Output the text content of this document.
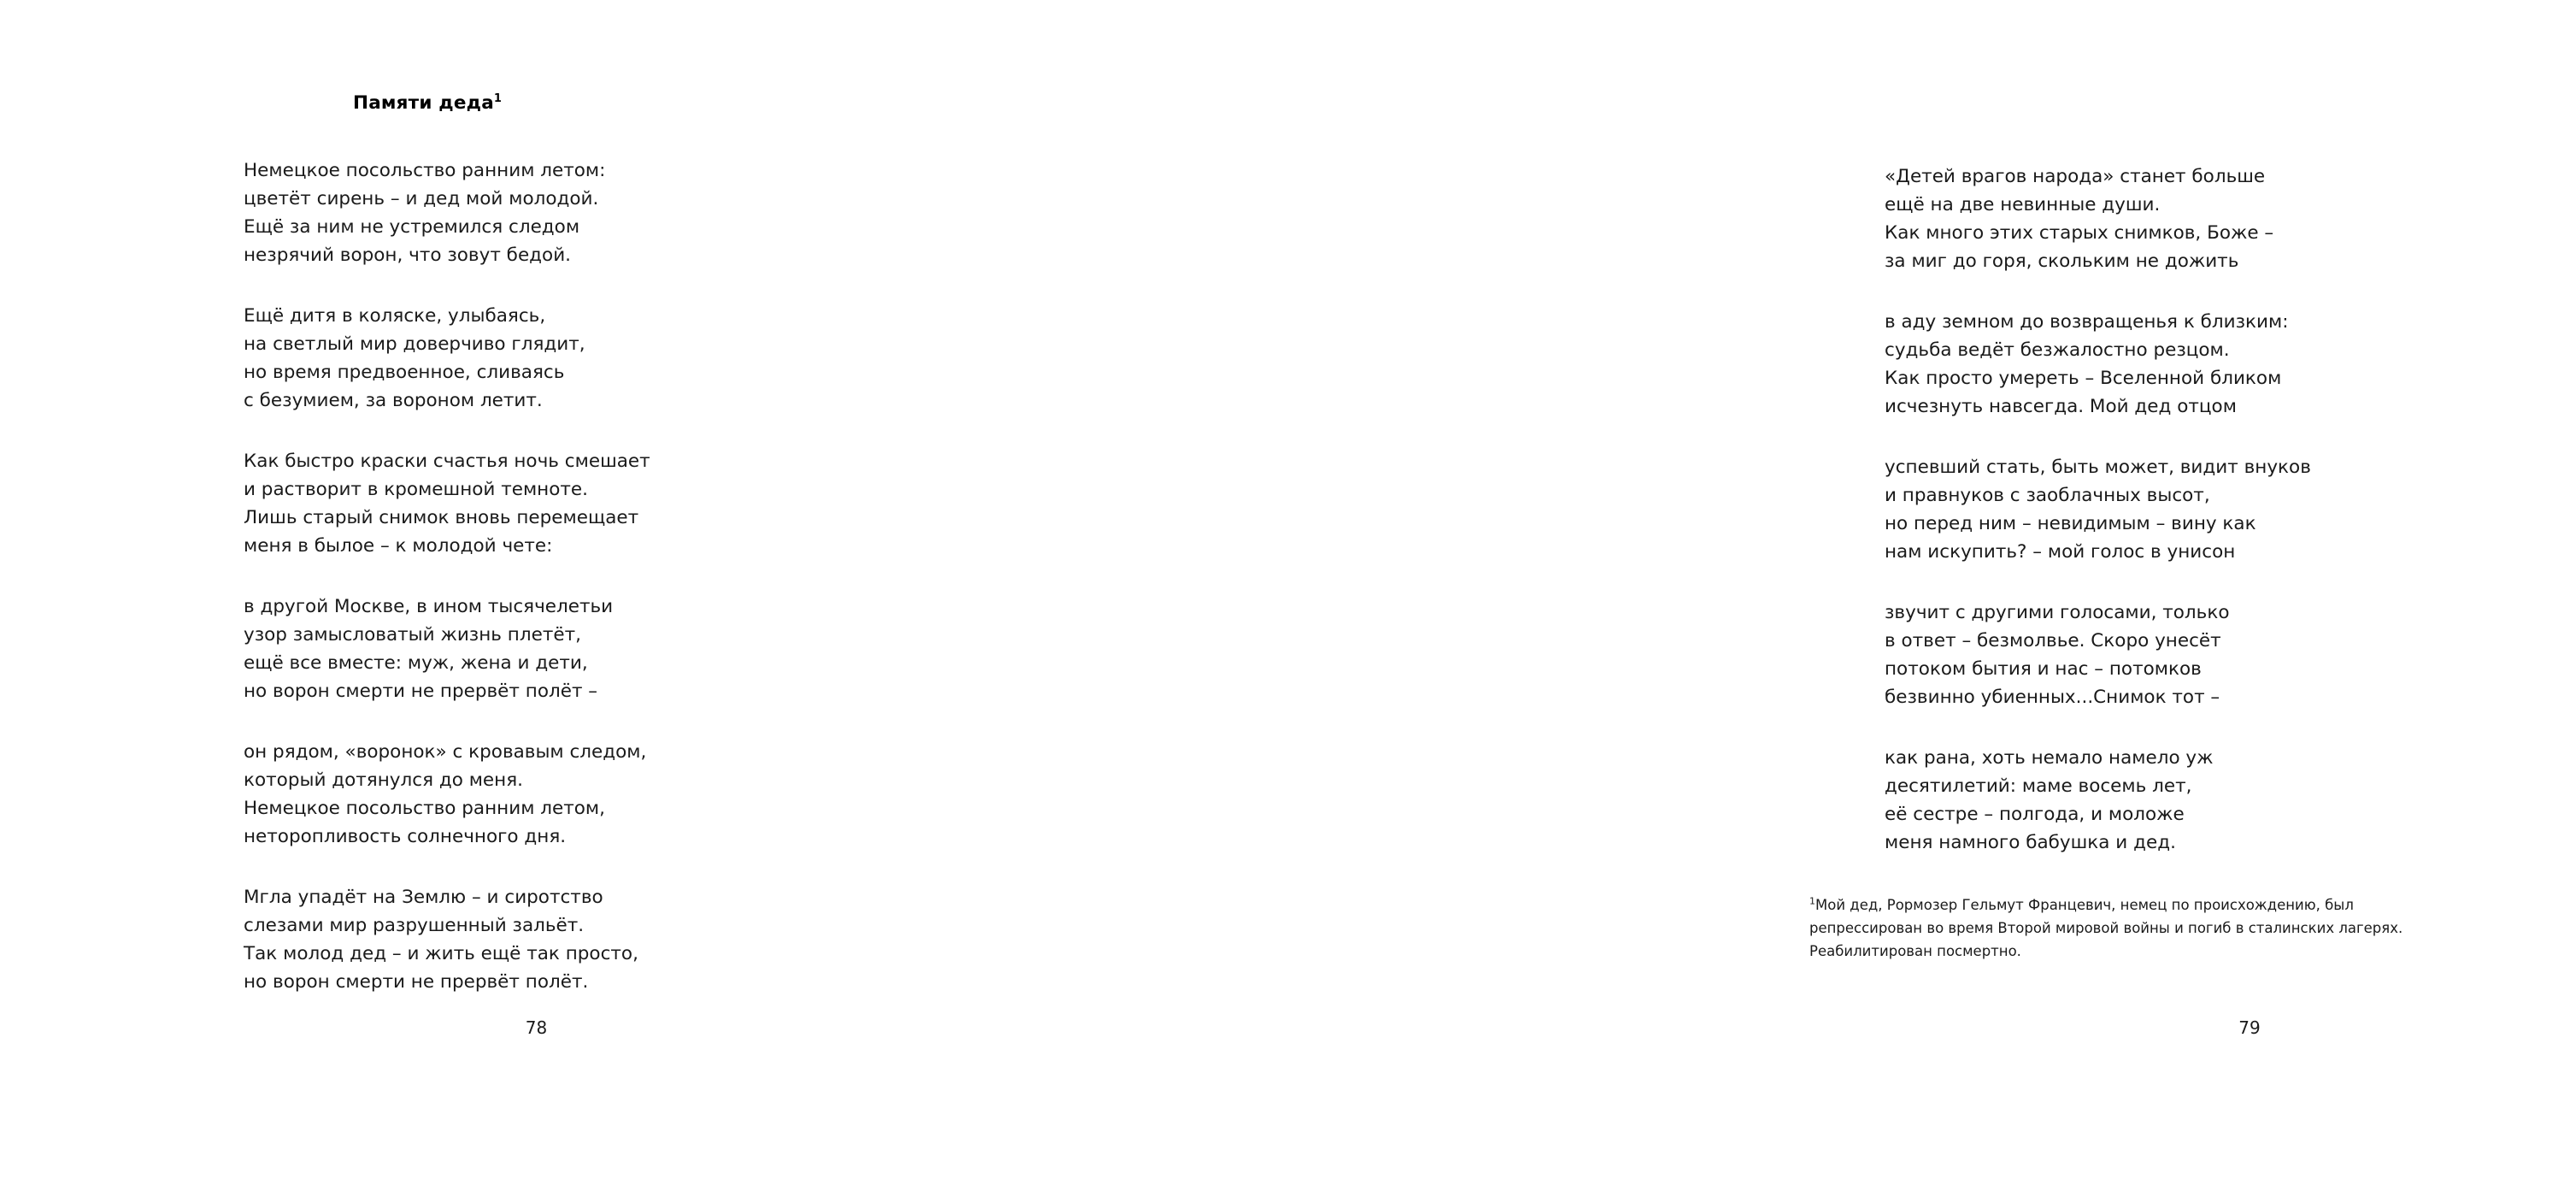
Памяти деда$^1$
Немецкое посольство ранним летом:
цветёт сирень – и дед мой молодой.
Ещё за ним не устремился следом
незрячий ворон, что зовут бедой.
Ещё дитя в коляске, улыбаясь,
на светлый мир доверчиво глядит,
но время предвоенное, сливаясь
с безумием, за вороном летит.
Как быстро краски счастья ночь смешает
и растворит в кромешной темноте.
Лишь старый снимок вновь перемещает
меня в былое – к молодой чете:
в другой Москве, в ином тысячелетьи
узор замысловатый жизнь плетёт,
ещё все вместе: муж, жена и дети,
но ворон смерти не прервёт полёт –
он рядом, «воронок» с кровавым следом,
который дотянулся до меня.
Немецкое посольство ранним летом,
неторопливость солнечного дня.
Мгла упадёт на Землю – и сиротство
слезами мир разрушенный зальёт.
Так молод дед – и жить ещё так просто,
но ворон смерти не прервёт полёт.
78
«Детей врагов народа» станет больше
ещё на две невинные души.
Как много этих старых снимков, Боже –
за миг до горя, скольким не дожить
в аду земном до возвращенья к близким:
судьба ведёт безжалостно резцом.
Как просто умереть – Вселенной бликом
исчезнуть навсегда. Мой дед отцом
успевший стать, быть может, видит внуков
и правнуков с заоблачных высот,
но перед ним – невидимым – вину как
нам искупить? – мой голос в унисон
звучит с другими голосами, только
в ответ – безмолвье. Скоро унесёт
потоком бытия и нас – потомков
безвинно убиенных...Снимок тот –
как рана, хоть немало намело уж
десятилетий: маме восемь лет,
её сестре – полгода, и моложе
меня намного бабушка и дед.
$^1$Мой дед, Рормозер Гельмут Францевич, немец по происхождению, был репрессирован во время Второй мировой войны и погиб в сталинских лагерях. Реабилитирован посмертно.
79
